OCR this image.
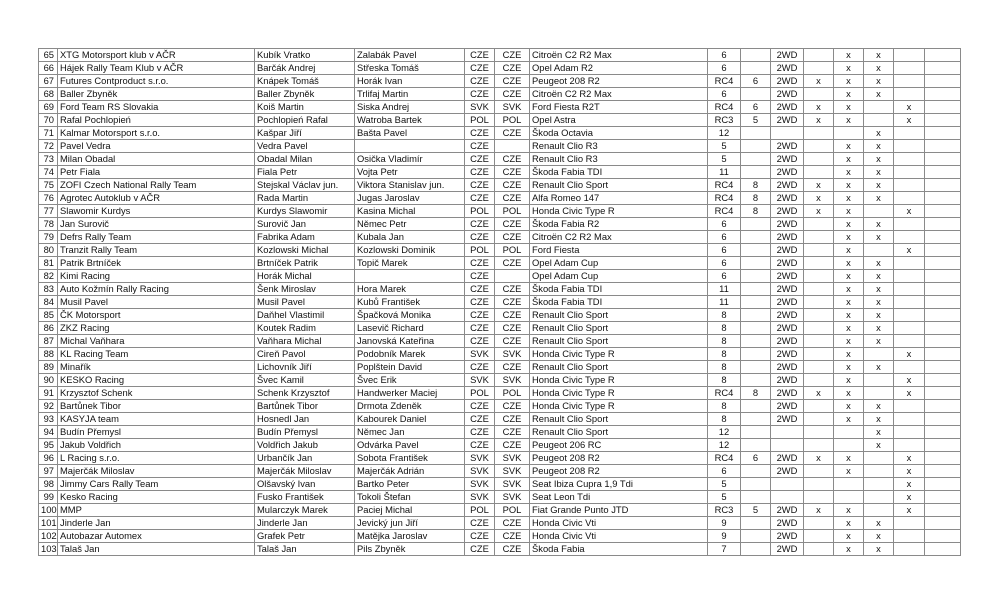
65	XTG Motorsport klub v AČR	Kubík Vratko	Zalabák Pavel	CZE	CZE	Citroën C2 R2 Max	6		2WD		x	x		
66	Hájek Rally Team Klub v AČR	Barčák Andrej	Střeska Tomáš	CZE	CZE	Opel Adam R2	6		2WD		x	x		
67	Futures Contproduct s.r.o.	Knápek Tomáš	Horák Ivan	CZE	CZE	Peugeot 208 R2	RC4	6	2WD	x	x	x		
68	Baller Zbyněk	Baller Zbyněk	Trlifaj Martin	CZE	CZE	Citroën C2 R2 Max	6		2WD		x	x		
69	Ford Team RS Slovakia	Koiš Martin	Siska Andrej	SVK	SVK	Ford Fiesta R2T	RC4	6	2WD	x	x		x	
70	Rafal Pochlopień	Pochlopień Rafal	Watroba Bartek	POL	POL	Opel Astra	RC3	5	2WD	x	x		x	
71	Kalmar Motorsport s.r.o.	Kašpar Jiří	Bašta Pavel	CZE	CZE	Škoda Octavia	12					x		
72	Pavel Vedra	Vedra Pavel		CZE		Renault Clio R3	5		2WD		x	x		
73	Milan Obadal	Obadal Milan	Osička Vladimír	CZE	CZE	Renault Clio R3	5		2WD		x	x		
74	Petr Fiala	Fiala Petr	Vojta Petr	CZE	CZE	Škoda Fabia TDI	11		2WD		x	x		
75	ZOFI Czech National Rally Team	Stejskal Václav jun.	Viktora Stanislav jun.	CZE	CZE	Renault Clio Sport	RC4	8	2WD	x	x	x		
76	Agrotec Autoklub v AČR	Rada Martin	Jugas Jaroslav	CZE	CZE	Alfa Romeo 147	RC4	8	2WD	x	x	x		
77	Slawomir Kurdys	Kurdys Slawomir	Kasina Michal	POL	POL	Honda Civic Type R	RC4	8	2WD	x	x		x	
78	Jan Surovič	Surovič Jan	Němec Petr	CZE	CZE	Škoda Fabia R2	6		2WD		x	x		
79	Defrs Rally Team	Fabrika Adam	Kubala Jan	CZE	CZE	Citroën C2 R2 Max	6		2WD		x	x		
80	Tranzit Rally Team	Kozlowski Michal	Kozlowski Dominik	POL	POL	Ford Fiesta	6		2WD		x		x	
81	Patrik Brtníček	Brtníček Patrik	Topič Marek	CZE	CZE	Opel Adam Cup	6		2WD		x	x		
82	Kimi Racing	Horák Michal		CZE		Opel Adam Cup	6		2WD		x	x		
83	Auto Kožmín Rally Racing	Šenk Miroslav	Hora Marek	CZE	CZE	Škoda Fabia TDI	11		2WD		x	x		
84	Musil Pavel	Musil Pavel	Kubů František	CZE	CZE	Škoda Fabia TDI	11		2WD		x	x		
85	ČK Motorsport	Daňhel Vlastimil	Špačková Monika	CZE	CZE	Renault Clio Sport	8		2WD		x	x		
86	ZKZ Racing	Koutek Radim	Lasevič Richard	CZE	CZE	Renault Clio Sport	8		2WD		x	x		
87	Michal Vaňhara	Vaňhara Michal	Janovská Kateřina	CZE	CZE	Renault Clio Sport	8		2WD		x	x		
88	KL Racing Team	Cireň Pavol	Podobník Marek	SVK	SVK	Honda Civic Type R	8		2WD		x		x	
89	Minařík	Lichovník Jiří	Poplštein David	CZE	CZE	Renault Clio Sport	8		2WD		x	x		
90	KESKO Racing	Švec Kamil	Švec Erik	SVK	SVK	Honda Civic Type R	8		2WD		x		x	
91	Krzysztof Schenk	Schenk Krzysztof	Handwerker Maciej	POL	POL	Honda Civic Type R	RC4	8	2WD	x	x		x	
92	Bartůnek Tibor	Bartůnek Tibor	Drmota Zdeněk	CZE	CZE	Honda Civic Type R	8		2WD		x	x		
93	KASYJA team	Hosnedl Jan	Kabourek Daniel	CZE	CZE	Renault Clio Sport	8		2WD		x	x		
94	Budín Přemysl	Budín Přemysl	Němec Jan	CZE	CZE	Renault Clio Sport	12					x		
95	Jakub Voldřich	Voldřich Jakub	Odvárka Pavel	CZE	CZE	Peugeot 206 RC	12					x		
96	L Racing s.r.o.	Urbančík Jan	Sobota František	SVK	SVK	Peugeot 208 R2	RC4	6	2WD	x	x		x	
97	Majerčák Miloslav	Majerčák Miloslav	Majerčák Adrián	SVK	SVK	Peugeot 208 R2	6		2WD		x		x	
98	Jimmy Cars Rally Team	Olšavský Ivan	Bartko Peter	SVK	SVK	Seat Ibiza Cupra 1,9 Tdi	5						x	
99	Kesko Racing	Fusko František	Tokoli Štefan	SVK	SVK	Seat Leon Tdi	5						x	
100	MMP	Mularczyk Marek	Paciej Michal	POL	POL	Fiat Grande Punto JTD	RC3	5	2WD	x	x		x	
101	Jinderle Jan	Jinderle Jan	Jevický jun Jiří	CZE	CZE	Honda Civic Vti	9		2WD		x	x		
102	Autobazar Automex	Grafek Petr	Matějka Jaroslav	CZE	CZE	Honda Civic Vti	9		2WD		x	x		
103	Talaš Jan	Talaš Jan	Pils Zbyněk	CZE	CZE	Škoda Fabia	7		2WD		x	x		
